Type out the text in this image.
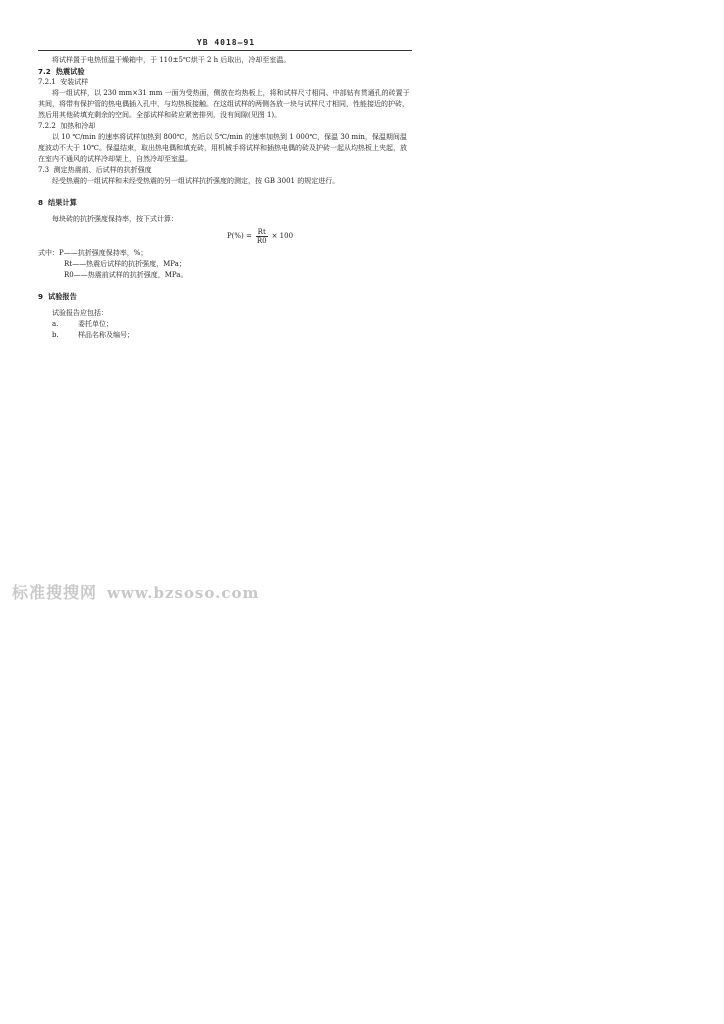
YB 4018—91

将试样置于电热恒温干燥箱中，于 110±5℃烘干 2 h 后取出，冷却至室温。

7.2 热震试验

7.2.1 安装试样

将一组试样，以 230 mm×31 mm 一面为受热面，侧放在均热板上，将和试样尺寸相同、中部钻有贯通孔的砖置于其间，将带有保护管的热电偶插入孔中，与均热板接触。在这组试样的两侧各放一块与试样尺寸相同，性能接近的护砖，然后用其他砖填充剩余的空间。全部试样和砖应紧密排列，没有间隙(见图 1)。

7.2.2 加热和冷却

以 10 ℃/min 的速率将试样加热到 800℃，然后以 5℃/min 的速率加热到 1 000℃，保温 30 min，保温期间温度波动不大于 10℃。保温结束，取出热电偶和填充砖，用机械手将试样和插热电偶的砖及护砖一起从均热板上夹起，放在室内不通风的试样冷却架上，自然冷却至室温。

7.3 测定热震前、后试样的抗折强度

经受热震的一组试样和未经受热震的另一组试样抗折强度的测定，按 GB 3001 的规定进行。

8 结果计算

每块砖的抗折强度保持率，按下式计算：

$P(\%) = \frac{Rt}{R0} \times 100$

式中：P——抗折强度保持率，%；

Rt——热震后试样的抗折强度，MPa；

R0——热震前试样的抗折强度，MPa。

9 试验报告

试验报告应包括：

a.	委托单位；
b.	样品名称及编号；
标准搜搜网 www.bzsoso.com
